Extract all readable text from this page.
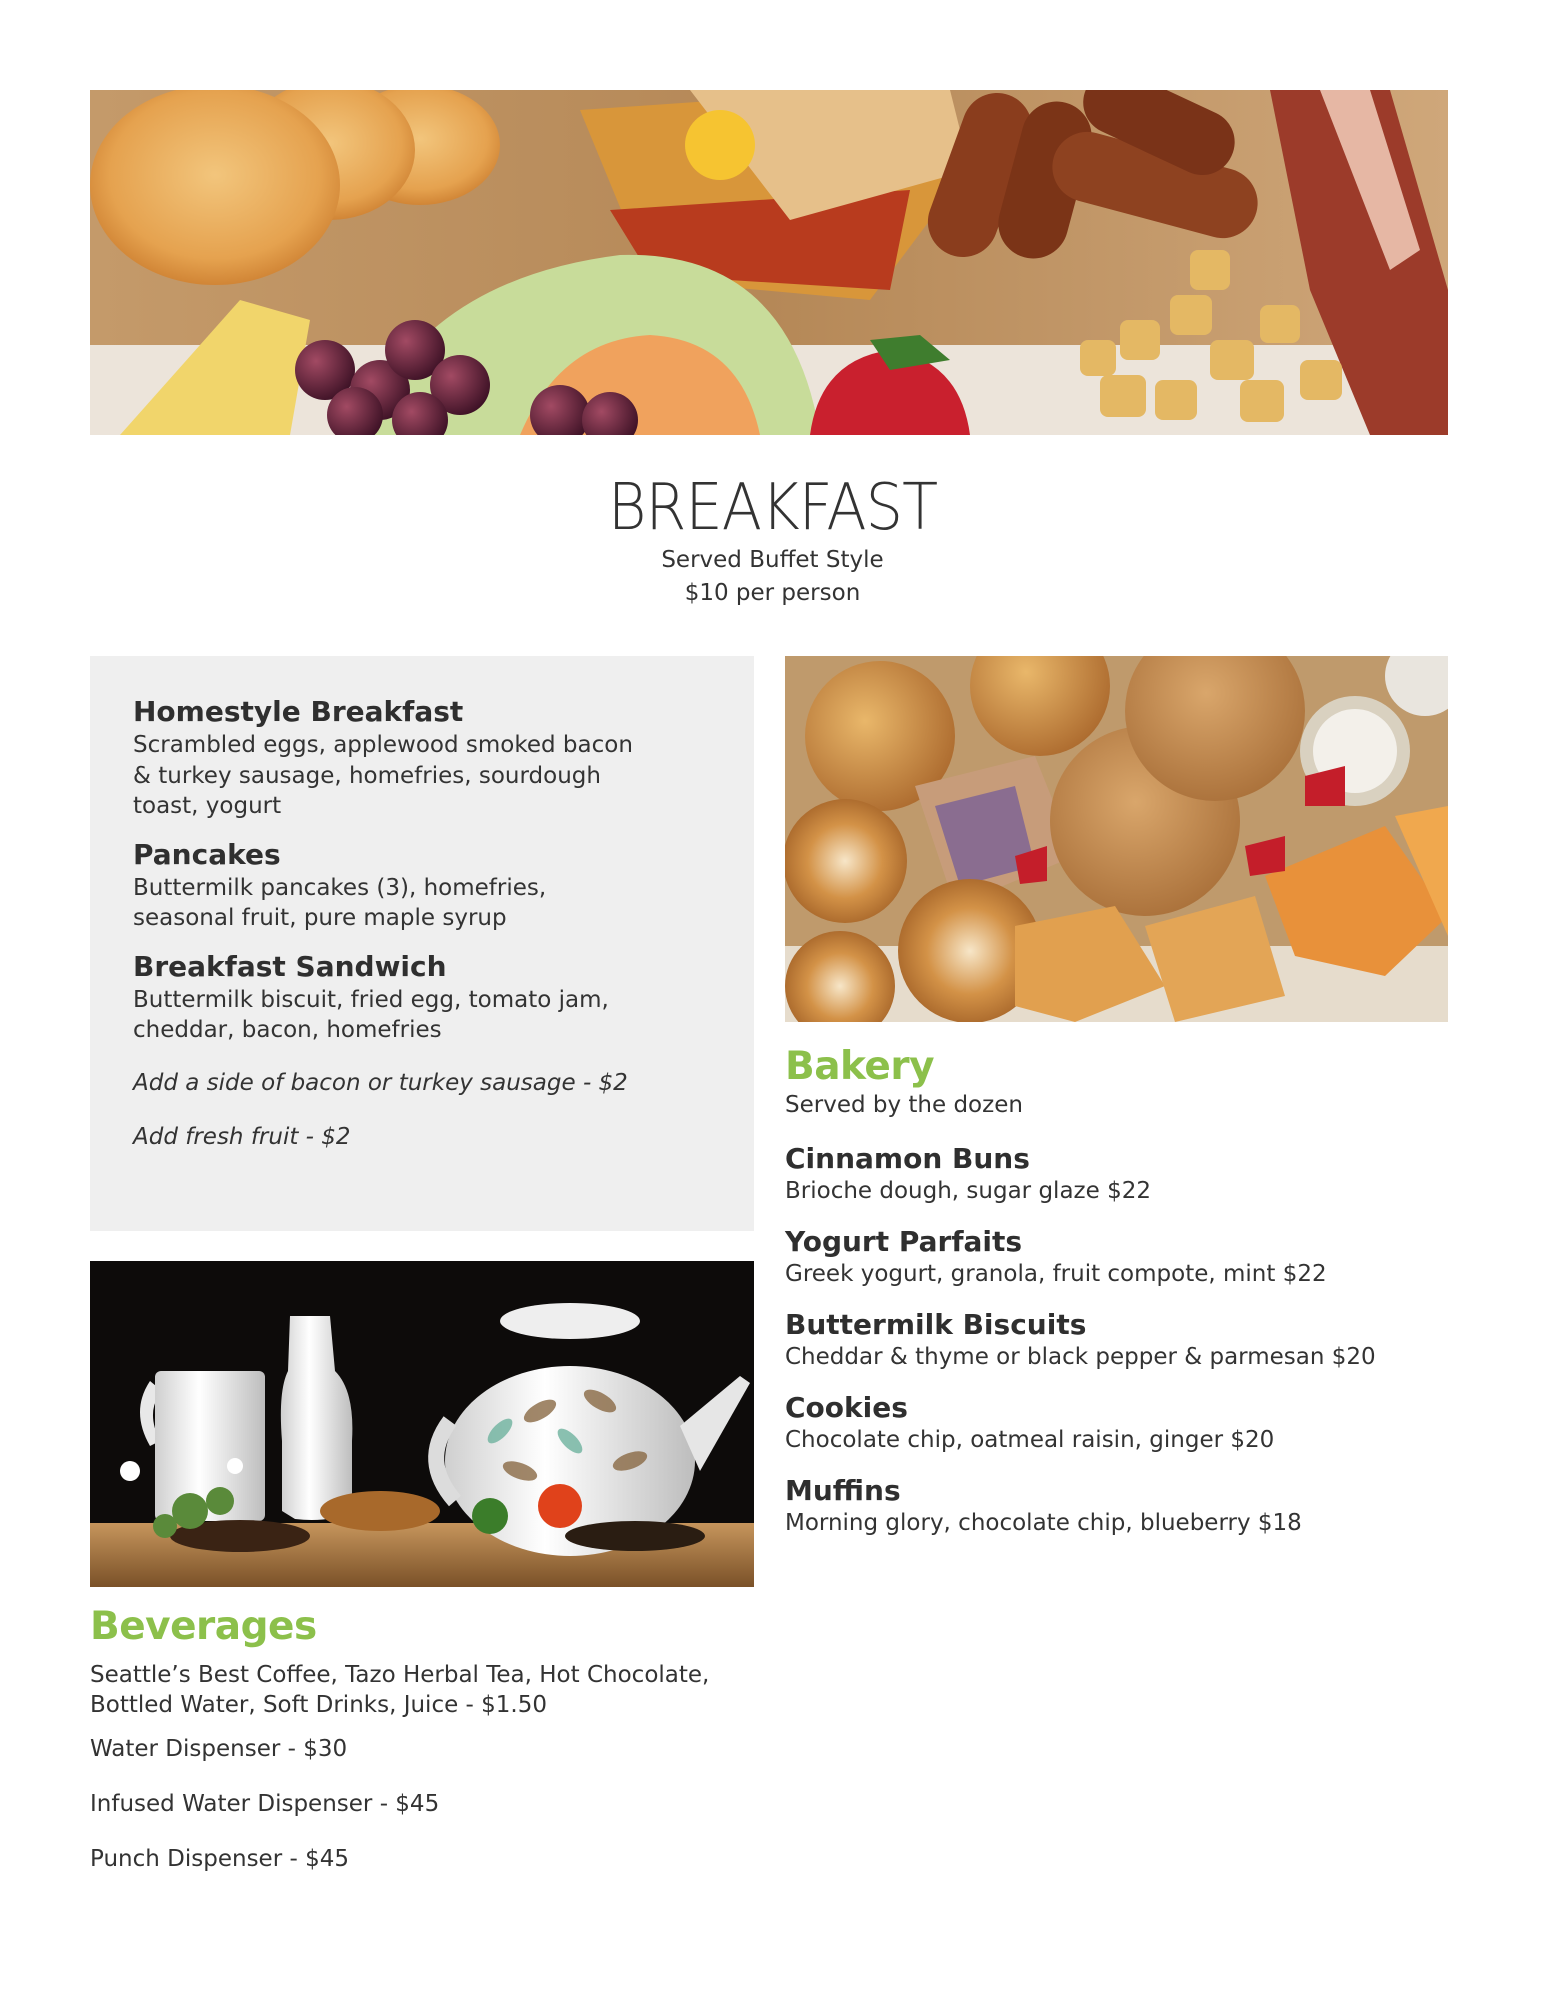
BREAKFAST
Served Buffet Style
$10 per person
Homestyle Breakfast
Scrambled eggs, applewood smoked bacon & turkey sausage, homefries, sourdough toast, yogurt
Pancakes
Buttermilk pancakes (3), homefries, seasonal fruit, pure maple syrup
Breakfast Sandwich
Buttermilk biscuit, fried egg, tomato jam, cheddar, bacon, homefries
Add a side of bacon or turkey sausage - $2
Add fresh fruit - $2
Bakery
Served by the dozen
Cinnamon Buns
Brioche dough, sugar glaze $22
Yogurt Parfaits
Greek yogurt, granola, fruit compote, mint $22
Buttermilk Biscuits
Cheddar & thyme or black pepper & parmesan $20
Cookies
Chocolate chip, oatmeal raisin, ginger $20
Muffins
Morning glory, chocolate chip, blueberry $18
Beverages
Seattle’s Best Coffee, Tazo Herbal Tea, Hot Chocolate, Bottled Water, Soft Drinks, Juice - $1.50
Water Dispenser - $30
Infused Water Dispenser - $45
Punch Dispenser - $45
